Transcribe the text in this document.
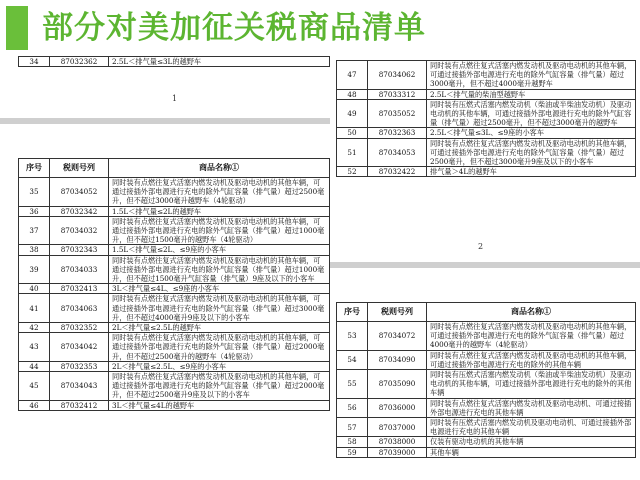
部分对美加征关税商品清单
34	87032362	2.5L＜排气量≤3L的越野车
1
序号	税则号列	商品名称①
35	87034052	同时装有点燃往复式活塞内燃发动机及驱动电动机的其他车辆，可通过接插外部电源进行充电的除外气缸容量（排气量）超过2500毫升，但不超过3000毫升越野车（4轮驱动）
36	87032342	1.5L＜排气量≤2L的越野车
37	87034032	同时装有点燃往复式活塞内燃发动机及驱动电动机的其他车辆，可通过接插外部电源进行充电的除外气缸容量（排气量）超过1000毫升，但不超过1500毫升的越野车（4轮驱动）
38	87032343	1.5L＜排气量≤2L、≤9座的小客车
39	87034033	同时装有点燃往复式活塞内燃发动机及驱动电动机的其他车辆，可通过接插外部电源进行充电的除外气缸容量（排气量）超过1000毫升，但不超过1500毫升气缸容量（排气量）9座及以下的小客车
40	87032413	3L＜排气量≤4L、≤9座的小客车
41	87034063	同时装有点燃往复式活塞内燃发动机及驱动电动机的其他车辆，可通过接插外部电源进行充电的除外气缸容量（排气量）超过3000毫升，但不超过4000毫升9座及以下的小客车
42	87032352	2L＜排气量≤2.5L的越野车
43	87034042	同时装有点燃往复式活塞内燃发动机及驱动电动机的其他车辆，可通过接插外部电源进行充电的除外气缸容量（排气量）超过2000毫升，但不超过2500毫升的越野车（4轮驱动）
44	87032353	2L＜排气量≤2.5L、≤9座的小客车
45	87034043	同时装有点燃往复式活塞内燃发动机及驱动电动机的其他车辆，可通过接插外部电源进行充电的除外气缸容量（排气量）超过2000毫升，但不超过2500毫升9座及以下的小客车
46	87032412	3L＜排气量≤4L的越野车
47	87034062	同时装有点燃往复式活塞内燃发动机及驱动电动机的其他车辆，可通过接插外部电源进行充电的除外气缸容量（排气量）超过3000毫升，但不超过4000毫升越野车
48	87033312	2.5L＜排气量的柴油型越野车
49	87035052	同时装有压燃式活塞内燃发动机（柴油或半柴油发动机）及驱动电动机的其他车辆，可通过接插外部电源进行充电的除外气缸容量（排气量）超过2500毫升，但不超过3000毫升的越野车
50	87032363	2.5L＜排气量≤3L、≤9座的小客车
51	87034053	同时装有点燃往复式活塞内燃发动机及驱动电动机的其他车辆，可通过接插外部电源进行充电的除外气缸容量（排气量）超过2500毫升，但不超过3000毫升9座及以下的小客车
52	87032422	排气量＞4L的越野车
2
序号	税则号列	商品名称①
53	87034072	同时装有点燃往复式活塞内燃发动机及驱动电动机的其他车辆，可通过接插外部电源进行充电的除外气缸容量（排气量）超过4000毫升的越野车（4轮驱动）
54	87034090	同时装有点燃往复式活塞内燃发动机及驱动电动机的其他车辆，可通过接插外部电源进行充电的除外的其他车辆
55	87035090	同时装有压燃式活塞内燃发动机（柴油或半柴油发动机）及驱动电动机的其他车辆，可通过接插外部电源进行充电的除外的其他车辆
56	87036000	同时装有点燃往复式活塞内燃发动机及驱动电动机、可通过接插外部电源进行充电的其他车辆
57	87037000	同时装有压燃式活塞内燃发动机及驱动电动机、可通过接插外部电源进行充电的其他车辆
58	87038000	仅装有驱动电动机的其他车辆
59	87039000	其他车辆
